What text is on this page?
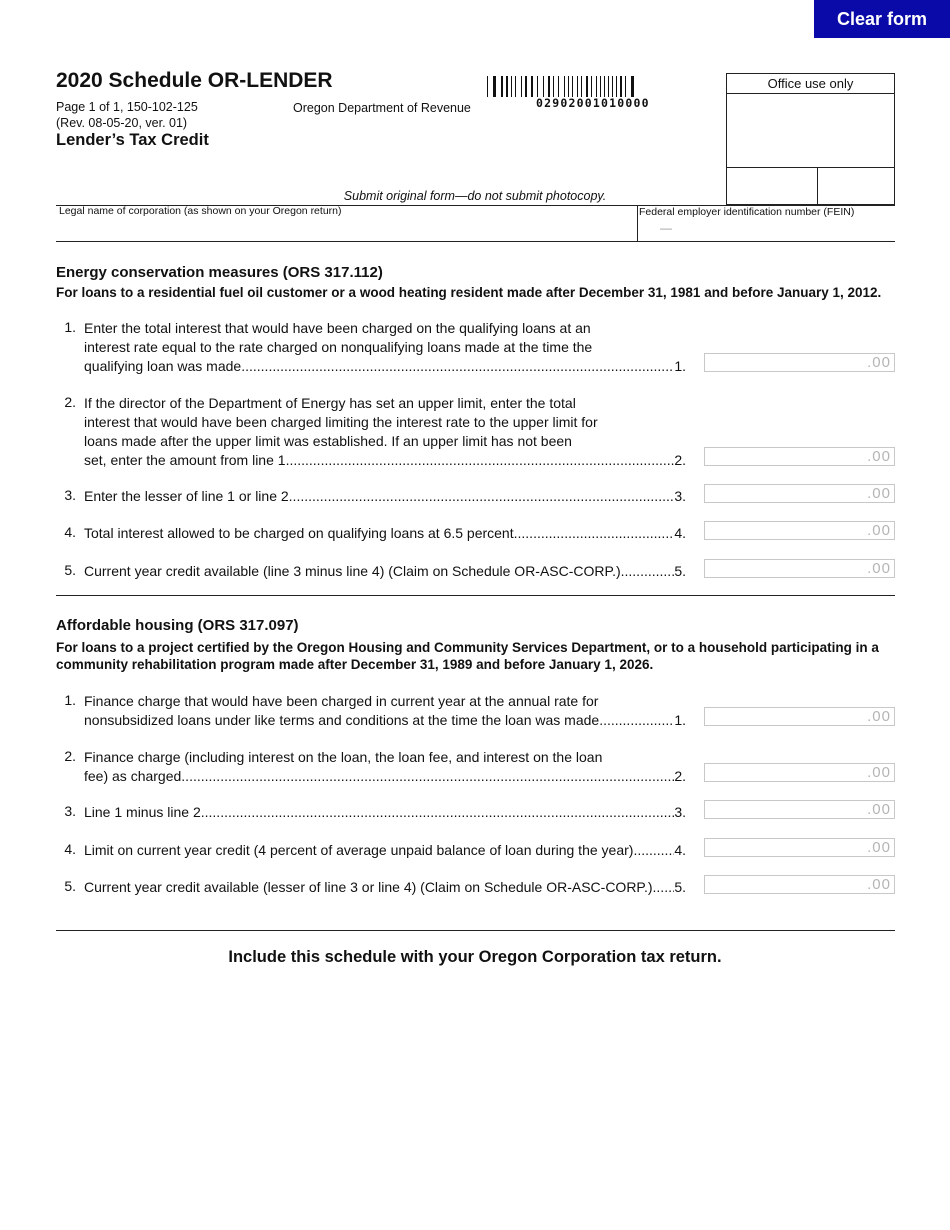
Clear form
2020 Schedule OR-LENDER
Page 1 of 1, 150-102-125
(Rev. 08-05-20, ver. 01)
Oregon Department of Revenue
Lender’s Tax Credit
02902001010000
Office use only
Submit original form—do not submit photocopy.
Legal name of corporation (as shown on your Oregon return)	Federal employer identification number (FEIN)
—
Energy conservation measures (ORS 317.112)
For loans to a residential fuel oil customer or a wood heating resident made after December 31, 1981 and before January 1, 2012.
1. Enter the total interest that would have been charged on the qualifying loans at an interest rate equal to the rate charged on nonqualifying loans made at the time the
qualifying loan was made .....	1.	.00
2. If the director of the Department of Energy has set an upper limit, enter the total interest that would have been charged limiting the interest rate to the upper limit for loans made after the upper limit was established. If an upper limit has not been
set, enter the amount from line 1 .....	2.	.00
3. Enter the lesser of line 1 or line 2 .....	3.	.00
4. Total interest allowed to be charged on qualifying loans at 6.5 percent .....	4.	.00
5. Current year credit available (line 3 minus line 4) (Claim on Schedule OR-ASC-CORP.) .....	5.	.00
Affordable housing (ORS 317.097)
For loans to a project certified by the Oregon Housing and Community Services Department, or to a household participating in a community rehabilitation program made after December 31, 1989 and before January 1, 2026.
1. Finance charge that would have been charged in current year at the annual rate for
nonsubsidized loans under like terms and conditions at the time the loan was made .....	1.	.00
2. Finance charge (including interest on the loan, the loan fee, and interest on the loan
fee) as charged .....	2.	.00
3. Line 1 minus line 2 .....	3.	.00
4. Limit on current year credit (4 percent of average unpaid balance of loan during the year) .....	4.	.00
5. Current year credit available (lesser of line 3 or line 4) (Claim on Schedule OR-ASC-CORP.) ..... 5.	.00
Include this schedule with your Oregon Corporation tax return.
